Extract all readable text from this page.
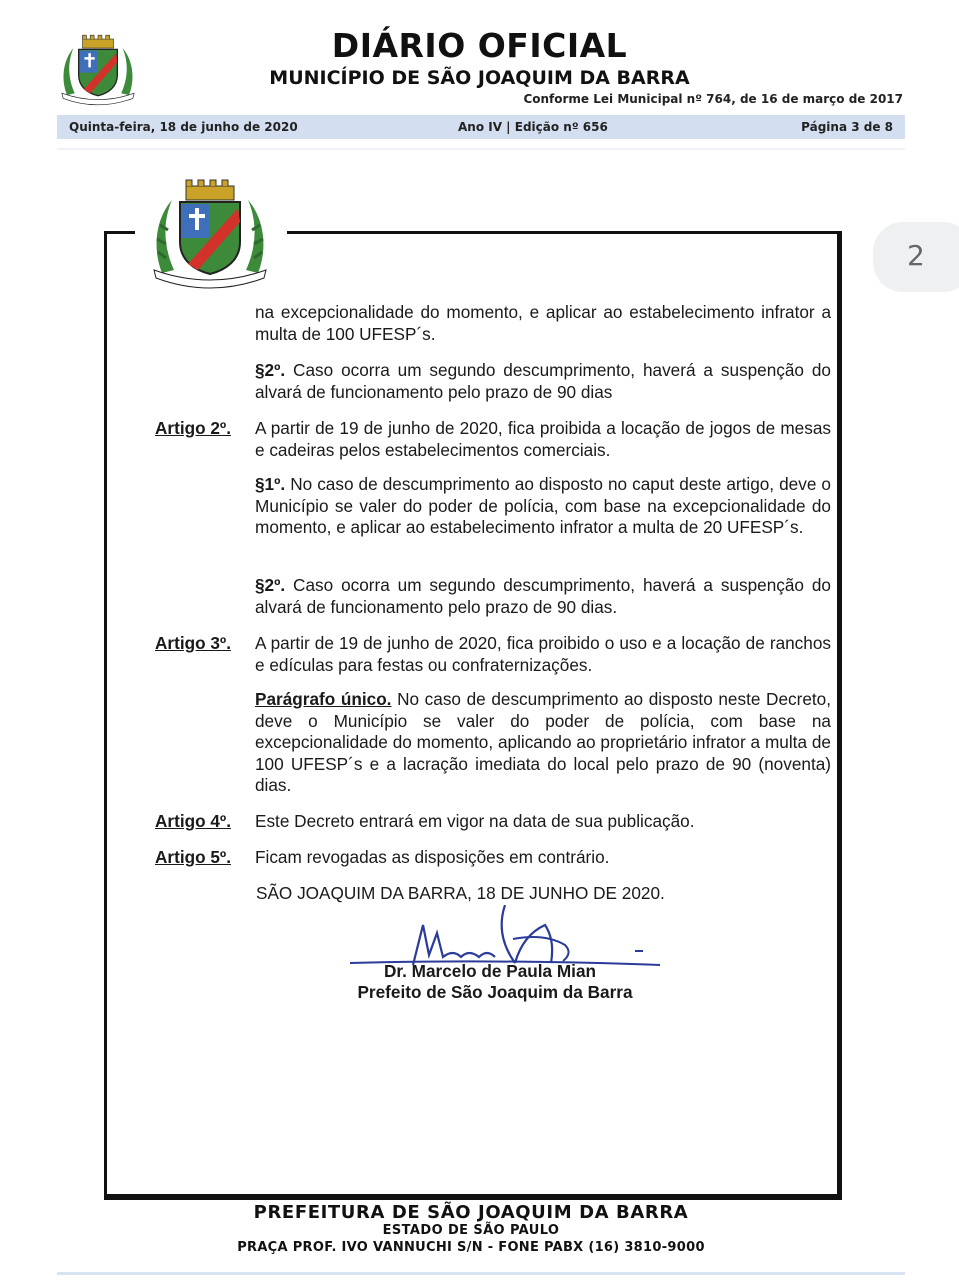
DIÁRIO OFICIAL
MUNICÍPIO DE SÃO JOAQUIM DA BARRA
Conforme Lei Municipal nº 764, de 16 de março de 2017
Quinta-feira, 18 de junho de 2020	Ano IV | Edição nº 656	Página 3 de 8
2
na excepcionalidade do momento, e aplicar ao estabelecimento infrator a multa de 100 UFESP´s.
§2º. Caso ocorra um segundo descumprimento, haverá a suspenção do alvará de funcionamento pelo prazo de 90 dias
Artigo 2º. A partir de 19 de junho de 2020, fica proibida a locação de jogos de mesas e cadeiras pelos estabelecimentos comerciais.
§1º. No caso de descumprimento ao disposto no caput deste artigo, deve o Município se valer do poder de polícia, com base na excepcionalidade do momento, e aplicar ao estabelecimento infrator a multa de 20 UFESP´s.
§2º. Caso ocorra um segundo descumprimento, haverá a suspenção do alvará de funcionamento pelo prazo de 90 dias.
Artigo 3º. A partir de 19 de junho de 2020, fica proibido o uso e a locação de ranchos e edículas para festas ou confraternizações.
Parágrafo único. No caso de descumprimento ao disposto neste Decreto, deve o Município se valer do poder de polícia, com base na excepcionalidade do momento, aplicando ao proprietário infrator a multa de 100 UFESP´s e a lacração imediata do local pelo prazo de 90 (noventa) dias.
Artigo 4º. Este Decreto entrará em vigor na data de sua publicação.
Artigo 5º. Ficam revogadas as disposições em contrário.
SÃO JOAQUIM DA BARRA, 18 DE JUNHO DE 2020.
Dr. Marcelo de Paula Mian
Prefeito de São Joaquim da Barra
PREFEITURA DE SÃO JOAQUIM DA BARRA
ESTADO DE SÃO PAULO
PRAÇA PROF. IVO VANNUCHI S/N - FONE PABX (16) 3810-9000
